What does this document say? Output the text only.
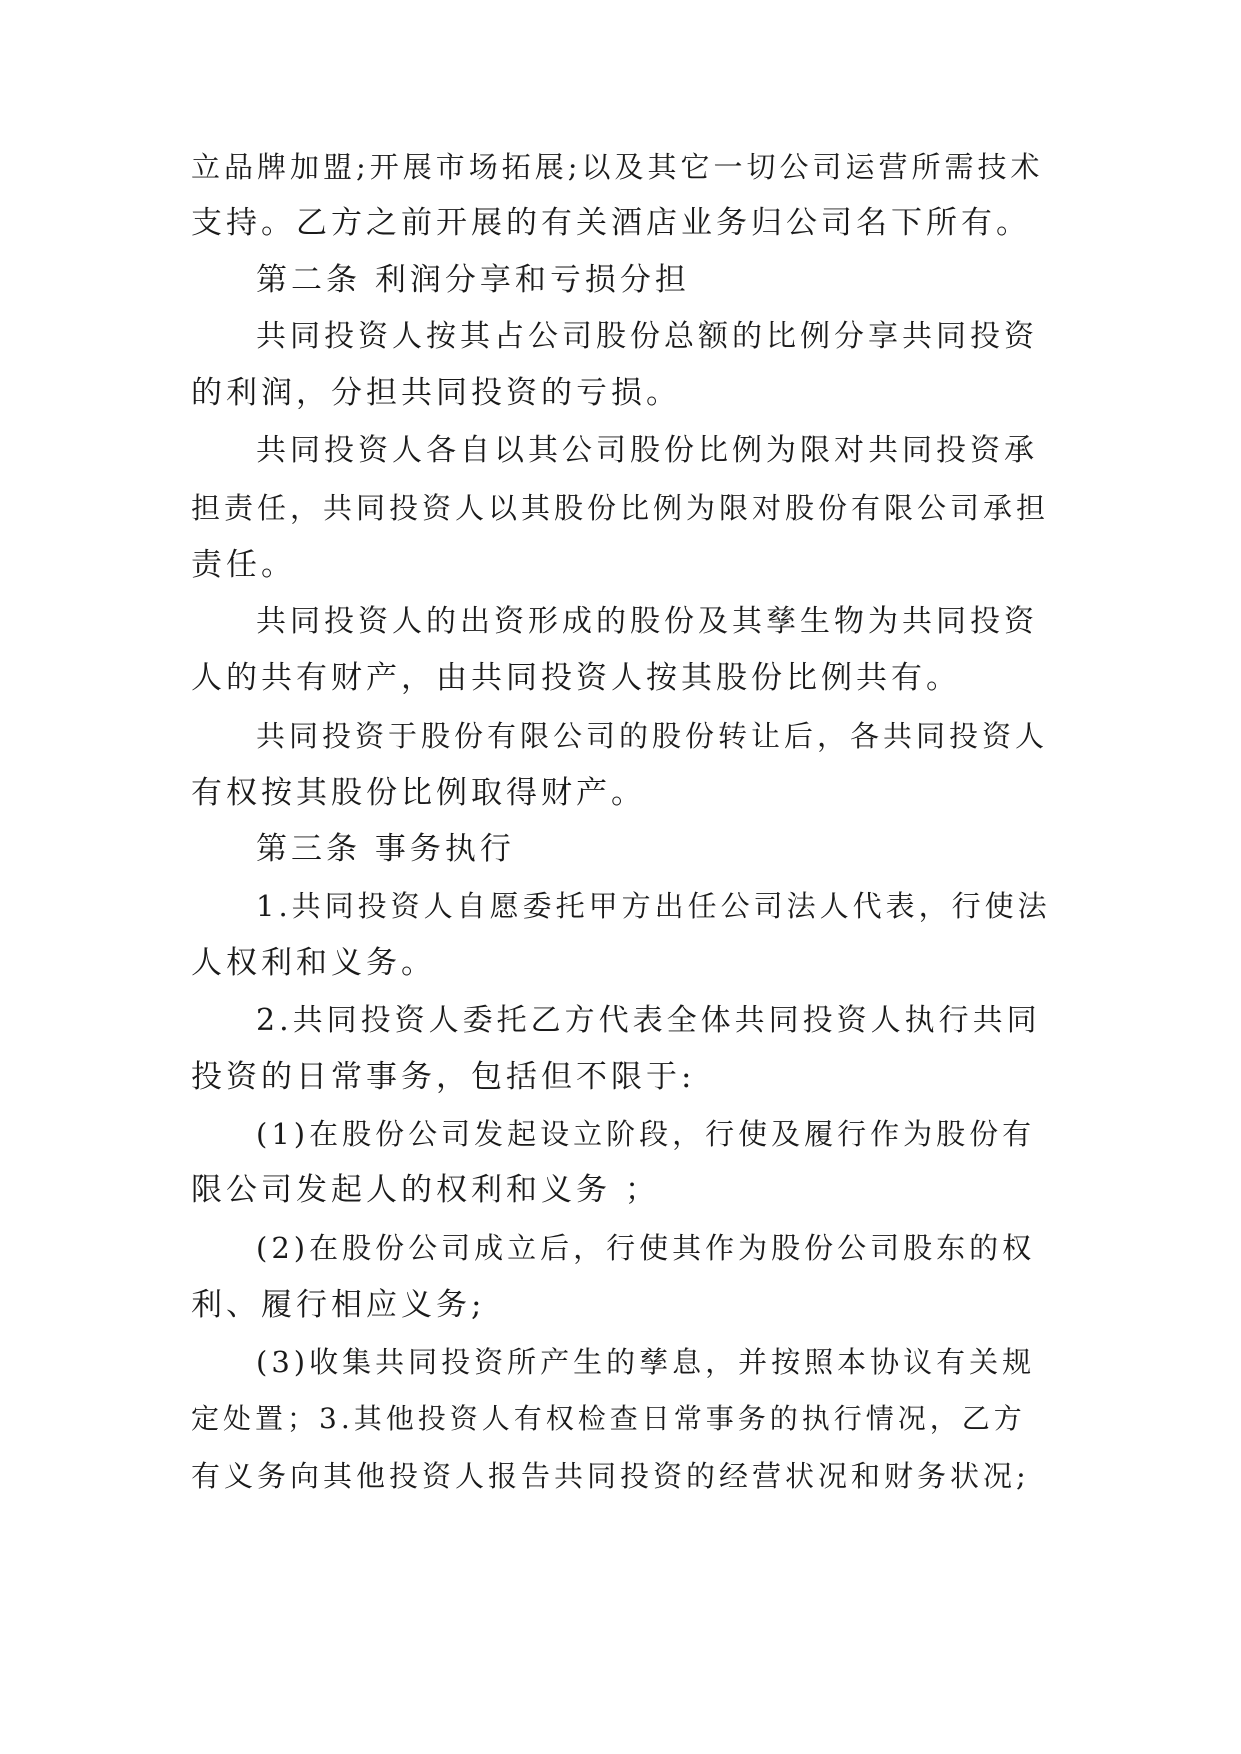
立品牌加盟;开展市场拓展;以及其它一切公司运营所需技术
支持。乙方之前开展的有关酒店业务归公司名下所有。
第二条 利润分享和亏损分担
共同投资人按其占公司股份总额的比例分享共同投资
的利润，分担共同投资的亏损。
共同投资人各自以其公司股份比例为限对共同投资承
担责任，共同投资人以其股份比例为限对股份有限公司承担
责任。
共同投资人的出资形成的股份及其孳生物为共同投资
人的共有财产，由共同投资人按其股份比例共有。
共同投资于股份有限公司的股份转让后，各共同投资人
有权按其股份比例取得财产。
第三条 事务执行
1.共同投资人自愿委托甲方出任公司法人代表，行使法
人权利和义务。
2.共同投资人委托乙方代表全体共同投资人执行共同
投资的日常事务，包括但不限于:
(1)在股份公司发起设立阶段，行使及履行作为股份有
限公司发起人的权利和义务 ；
(2)在股份公司成立后，行使其作为股份公司股东的权
利、履行相应义务;
(3)收集共同投资所产生的孳息，并按照本协议有关规
定处置；3.其他投资人有权检查日常事务的执行情况，乙方
有义务向其他投资人报告共同投资的经营状况和财务状况;
